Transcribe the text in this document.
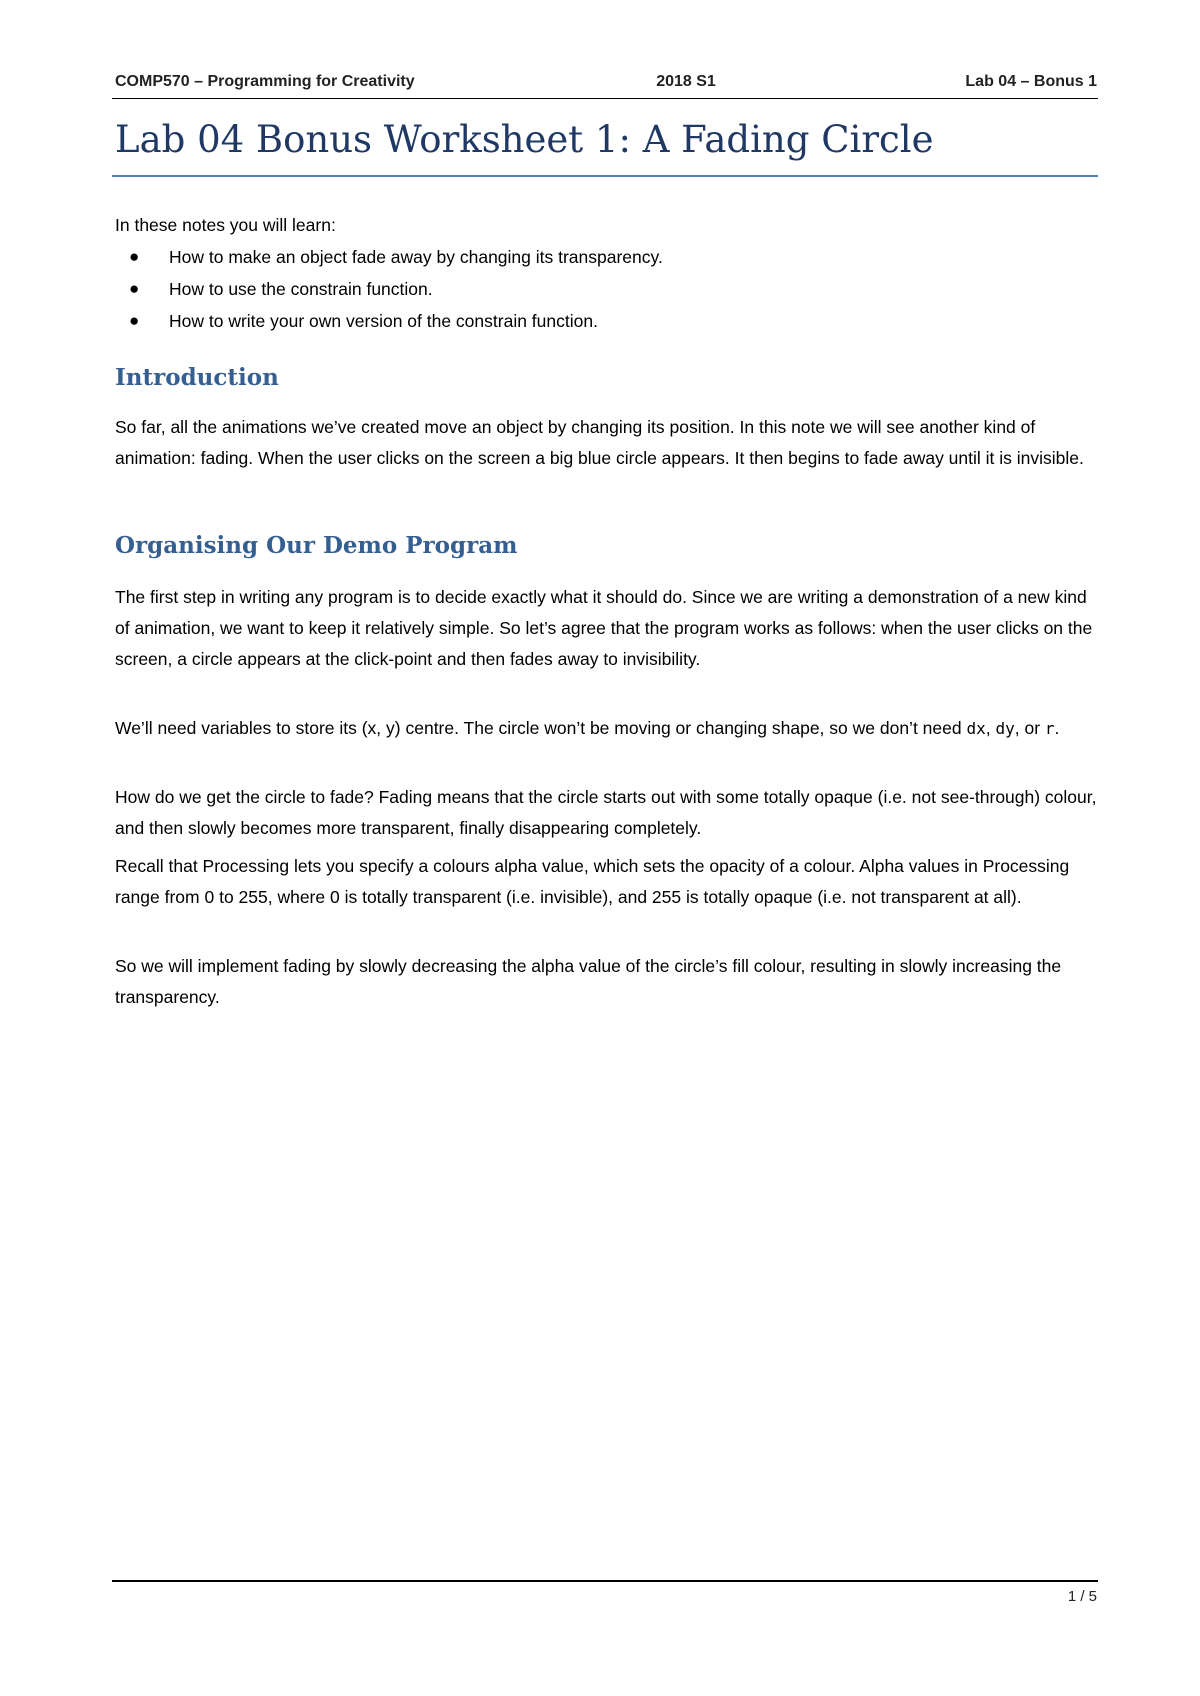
COMP570 – Programming for Creativity	2018 S1	Lab 04 – Bonus 1
Lab 04 Bonus Worksheet 1: A Fading Circle
In these notes you will learn:
● How to make an object fade away by changing its transparency.
● How to use the constrain function.
● How to write your own version of the constrain function.
Introduction

So far, all the animations we’ve created move an object by changing its position. In this note we will see another kind of animation: fading. When the user clicks on the screen a big blue circle appears. It then begins to fade away until it is invisible.

Organising Our Demo Program

The first step in writing any program is to decide exactly what it should do. Since we are writing a demonstration of a new kind of animation, we want to keep it relatively simple. So let’s agree that the program works as follows: when the user clicks on the screen, a circle appears at the click-point and then fades away to invisibility.

We’ll need variables to store its (x, y) centre. The circle won’t be moving or changing shape, so we don’t need dx, dy, or r.

How do we get the circle to fade? Fading means that the circle starts out with some totally opaque (i.e. not see-through) colour, and then slowly becomes more transparent, finally disappearing completely.

Recall that Processing lets you specify a colours alpha value, which sets the opacity of a colour. Alpha values in Processing range from 0 to 255, where 0 is totally transparent (i.e. invisible), and 255 is totally opaque (i.e. not transparent at all).

So we will implement fading by slowly decreasing the alpha value of the circle’s fill colour, resulting in slowly increasing the transparency.

1 / 5
